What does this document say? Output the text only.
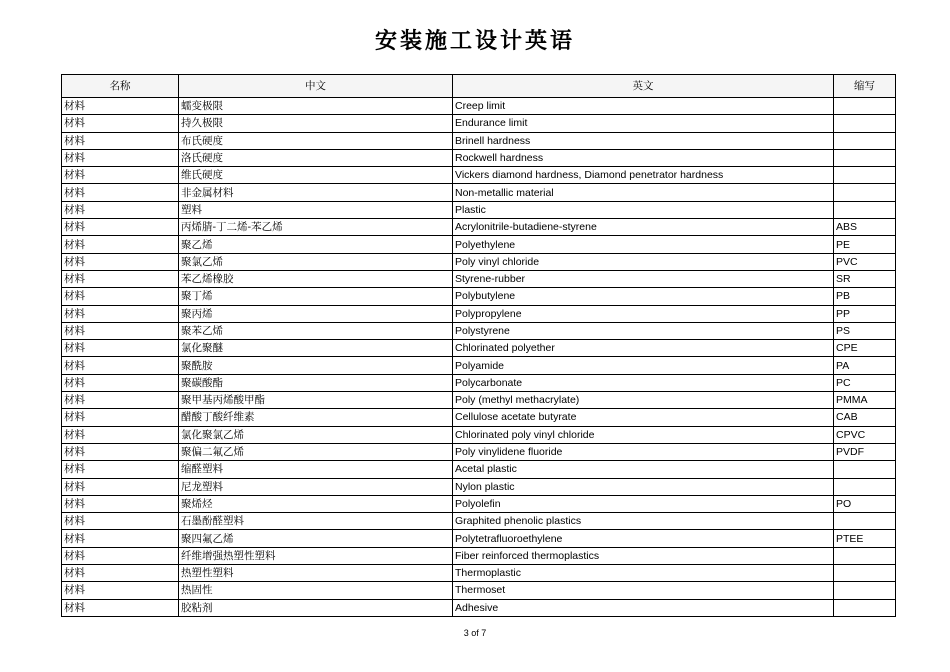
安装施工设计英语
名称	中文	英文	缩写
材料	蠕变极限	Creep limit	
材料	持久极限	Endurance limit	
材料	布氏硬度	Brinell hardness	
材料	洛氏硬度	Rockwell hardness	
材料	维氏硬度	Vickers diamond hardness, Diamond penetrator hardness	
材料	非金属材料	Non-metallic material	
材料	塑料	Plastic	
材料	丙烯腈-丁二烯-苯乙烯	Acrylonitrile-butadiene-styrene	ABS
材料	聚乙烯	Polyethylene	PE
材料	聚氯乙烯	Poly vinyl chloride	PVC
材料	苯乙烯橡胶	Styrene-rubber	SR
材料	聚丁烯	Polybutylene	PB
材料	聚丙烯	Polypropylene	PP
材料	聚苯乙烯	Polystyrene	PS
材料	氯化聚醚	Chlorinated polyether	CPE
材料	聚酰胺	Polyamide	PA
材料	聚碳酸酯	Polycarbonate	PC
材料	聚甲基丙烯酸甲酯	Poly (methyl methacrylate)	PMMA
材料	醋酸丁酸纤维素	Cellulose acetate butyrate	CAB
材料	氯化聚氯乙烯	Chlorinated poly vinyl chloride	CPVC
材料	聚偏二氟乙烯	Poly vinylidene fluoride	PVDF
材料	缩醛塑料	Acetal plastic	
材料	尼龙塑料	Nylon plastic	
材料	聚烯烃	Polyolefin	PO
材料	石墨酚醛塑料	Graphited phenolic plastics	
材料	聚四氟乙烯	Polytetrafluoroethylene	PTEE
材料	纤维增强热塑性塑料	Fiber reinforced thermoplastics	
材料	热塑性塑料	Thermoplastic	
材料	热固性	Thermoset	
材料	胶粘剂	Adhesive	
3 of 7
